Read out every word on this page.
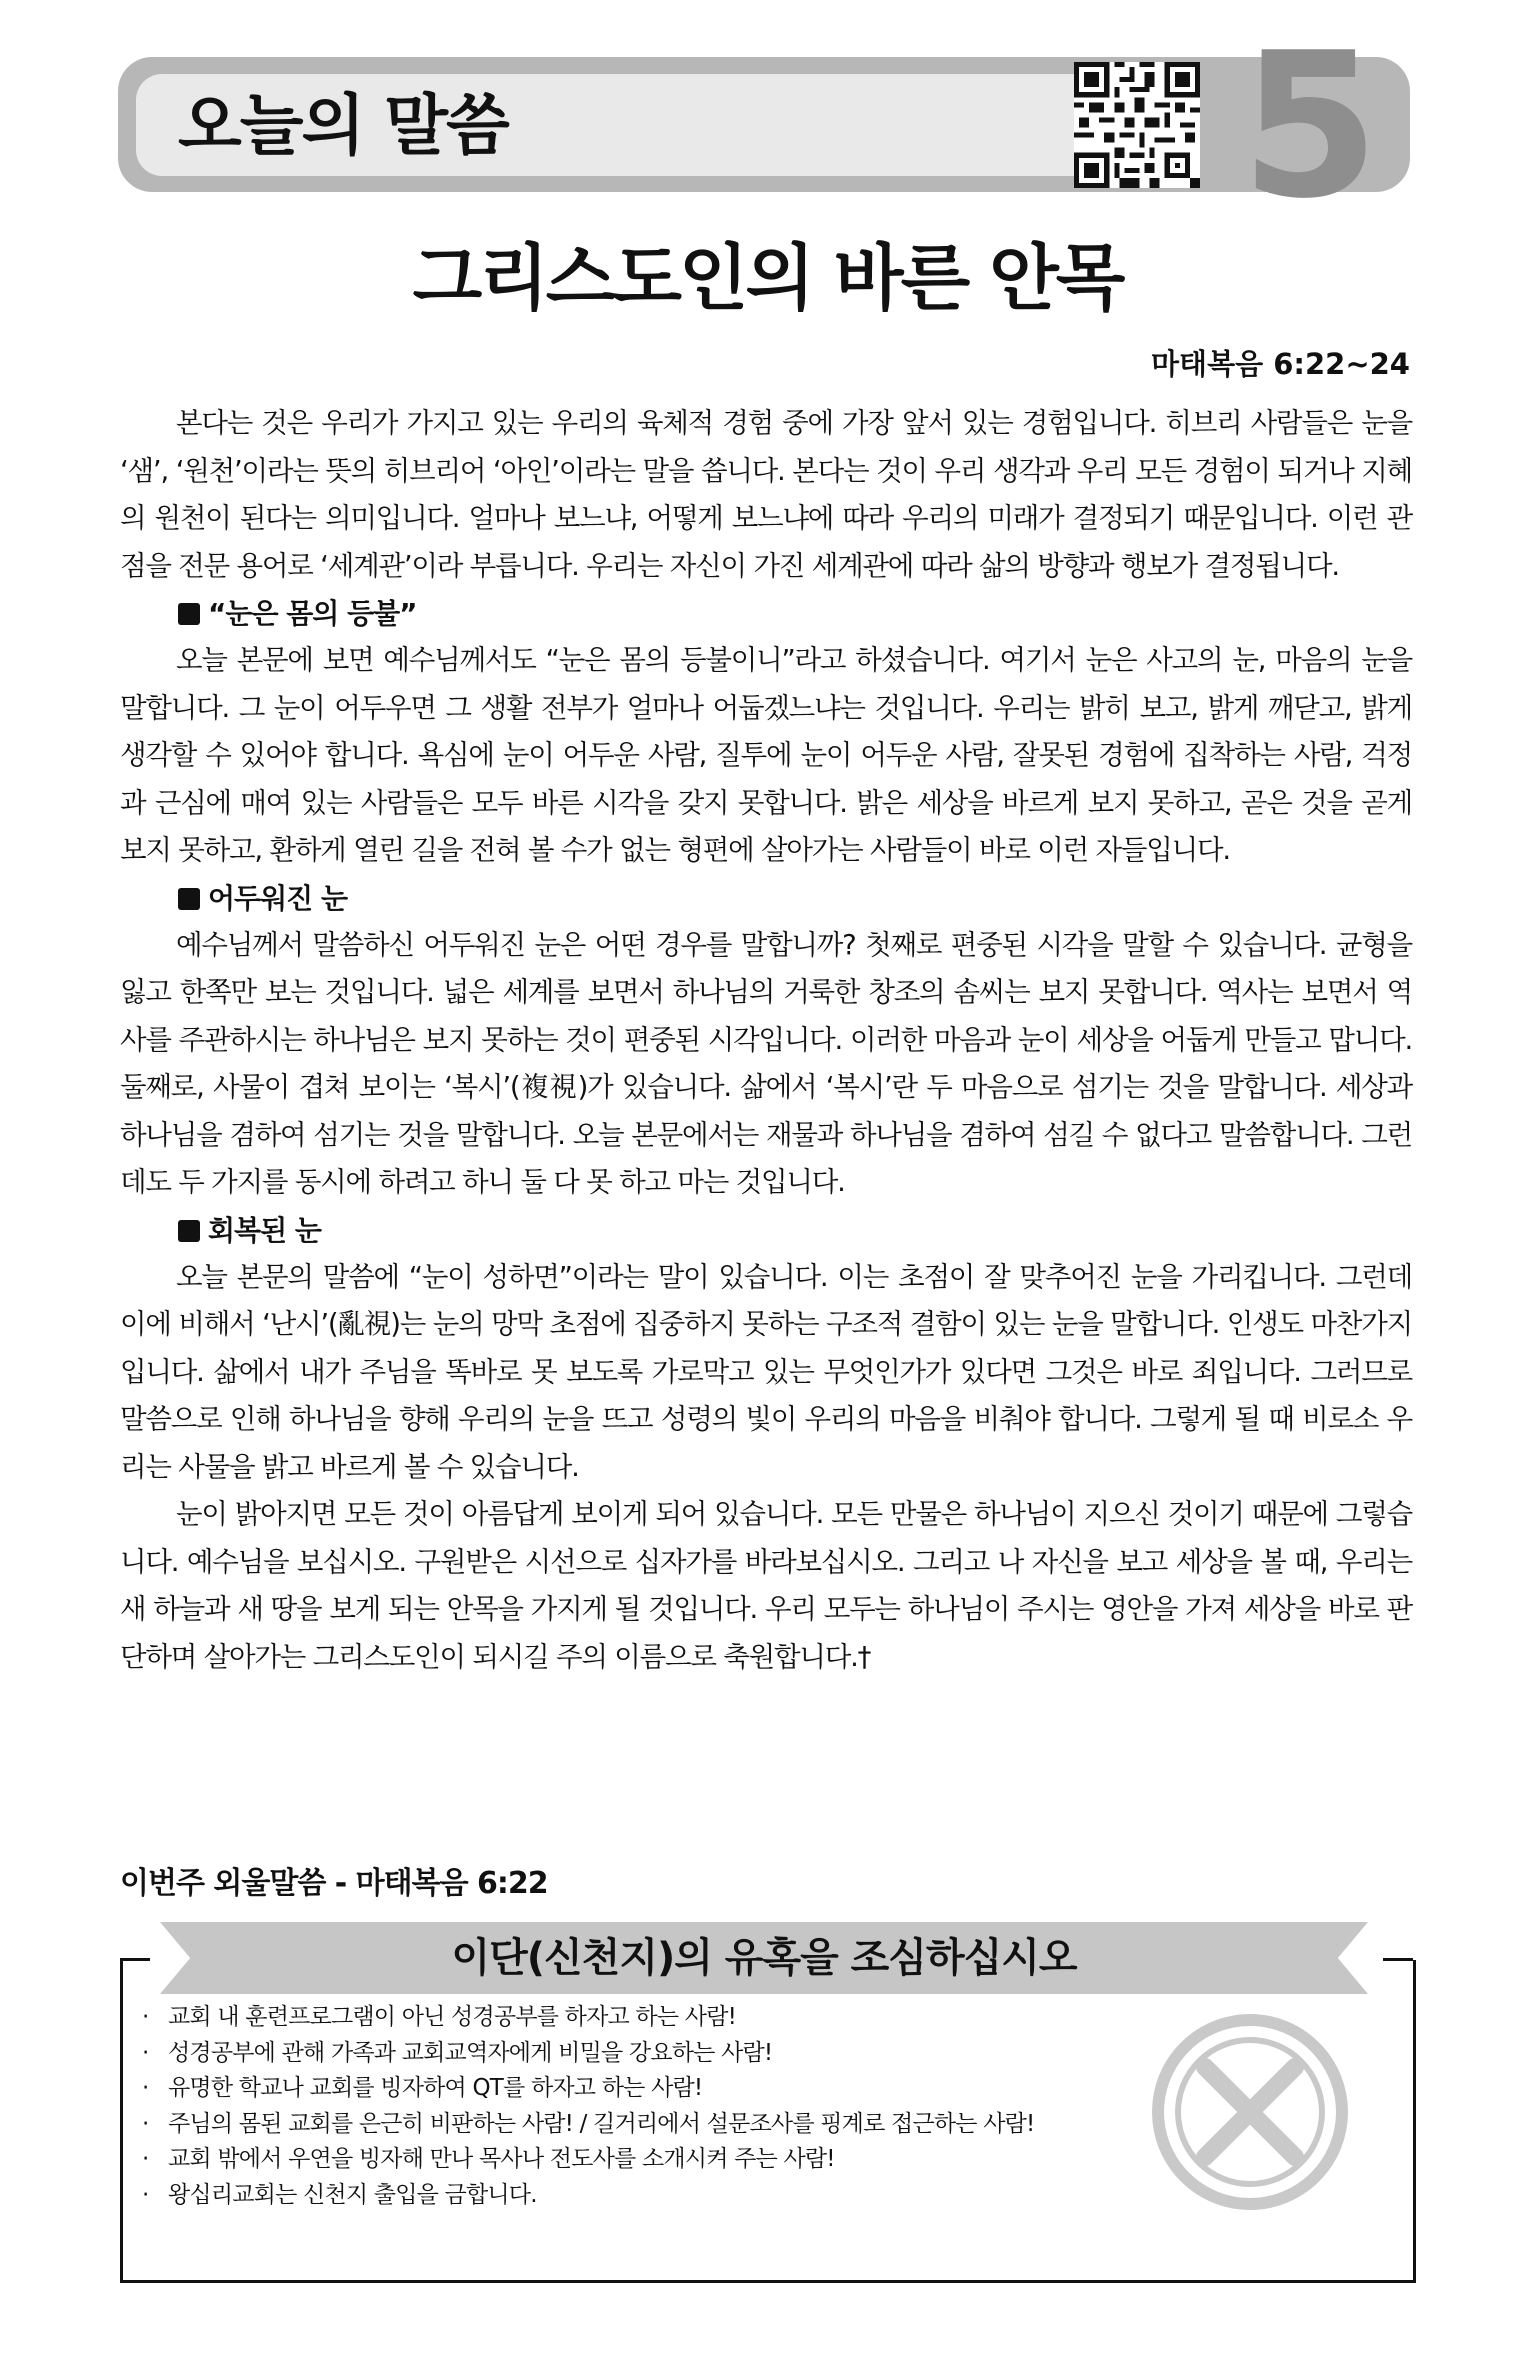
오늘의 말씀	5
그리스도인의 바른 안목
마태복음 6:22~24

본다는 것은 우리가 가지고 있는 우리의 육체적 경험 중에 가장 앞서 있는 경험입니다. 히브리 사람들은 눈을 ‘샘’, ‘원천’이라는 뜻의 히브리어 ‘아인’이라는 말을 씁니다. 본다는 것이 우리 생각과 우리 모든 경험이 되거나 지혜의 원천이 된다는 의미입니다. 얼마나 보느냐, 어떻게 보느냐에 따라 우리의 미래가 결정되기 때문입니다. 이런 관점을 전문 용어로 ‘세계관’이라 부릅니다. 우리는 자신이 가진 세계관에 따라 삶의 방향과 행보가 결정됩니다.

“눈은 몸의 등불”

오늘 본문에 보면 예수님께서도 “눈은 몸의 등불이니”라고 하셨습니다. 여기서 눈은 사고의 눈, 마음의 눈을 말합니다. 그 눈이 어두우면 그 생활 전부가 얼마나 어둡겠느냐는 것입니다. 우리는 밝히 보고, 밝게 깨닫고, 밝게 생각할 수 있어야 합니다. 욕심에 눈이 어두운 사람, 질투에 눈이 어두운 사람, 잘못된 경험에 집착하는 사람, 걱정과 근심에 매여 있는 사람들은 모두 바른 시각을 갖지 못합니다. 밝은 세상을 바르게 보지 못하고, 곧은 것을 곧게 보지 못하고, 환하게 열린 길을 전혀 볼 수가 없는 형편에 살아가는 사람들이 바로 이런 자들입니다.

어두워진 눈

예수님께서 말씀하신 어두워진 눈은 어떤 경우를 말합니까? 첫째로 편중된 시각을 말할 수 있습니다. 균형을 잃고 한쪽만 보는 것입니다. 넓은 세계를 보면서 하나님의 거룩한 창조의 솜씨는 보지 못합니다. 역사는 보면서 역사를 주관하시는 하나님은 보지 못하는 것이 편중된 시각입니다. 이러한 마음과 눈이 세상을 어둡게 만들고 맙니다. 둘째로, 사물이 겹쳐 보이는 ‘복시’(複視)가 있습니다. 삶에서 ‘복시’란 두 마음으로 섬기는 것을 말합니다. 세상과 하나님을 겸하여 섬기는 것을 말합니다. 오늘 본문에서는 재물과 하나님을 겸하여 섬길 수 없다고 말씀합니다. 그런데도 두 가지를 동시에 하려고 하니 둘 다 못 하고 마는 것입니다.

회복된 눈

오늘 본문의 말씀에 “눈이 성하면”이라는 말이 있습니다. 이는 초점이 잘 맞추어진 눈을 가리킵니다. 그런데 이에 비해서 ‘난시’(亂視)는 눈의 망막 초점에 집중하지 못하는 구조적 결함이 있는 눈을 말합니다. 인생도 마찬가지입니다. 삶에서 내가 주님을 똑바로 못 보도록 가로막고 있는 무엇인가가 있다면 그것은 바로 죄입니다. 그러므로 말씀으로 인해 하나님을 향해 우리의 눈을 뜨고 성령의 빛이 우리의 마음을 비춰야 합니다. 그렇게 될 때 비로소 우리는 사물을 밝고 바르게 볼 수 있습니다.

눈이 밝아지면 모든 것이 아름답게 보이게 되어 있습니다. 모든 만물은 하나님이 지으신 것이기 때문에 그렇습니다. 예수님을 보십시오. 구원받은 시선으로 십자가를 바라보십시오. 그리고 나 자신을 보고 세상을 볼 때, 우리는 새 하늘과 새 땅을 보게 되는 안목을 가지게 될 것입니다. 우리 모두는 하나님이 주시는 영안을 가져 세상을 바로 판단하며 살아가는 그리스도인이 되시길 주의 이름으로 축원합니다.†

이번주 외울말씀 - 마태복음 6:22
이단(신천지)의 유혹을 조심하십시오
· 교회 내 훈련프로그램이 아닌 성경공부를 하자고 하는 사람!
· 성경공부에 관해 가족과 교회교역자에게 비밀을 강요하는 사람!
· 유명한 학교나 교회를 빙자하여 QT를 하자고 하는 사람!
· 주님의 몸된 교회를 은근히 비판하는 사람! / 길거리에서 설문조사를 핑계로 접근하는 사람!
· 교회 밖에서 우연을 빙자해 만나 목사나 전도사를 소개시켜 주는 사람!
· 왕십리교회는 신천지 출입을 금합니다.
